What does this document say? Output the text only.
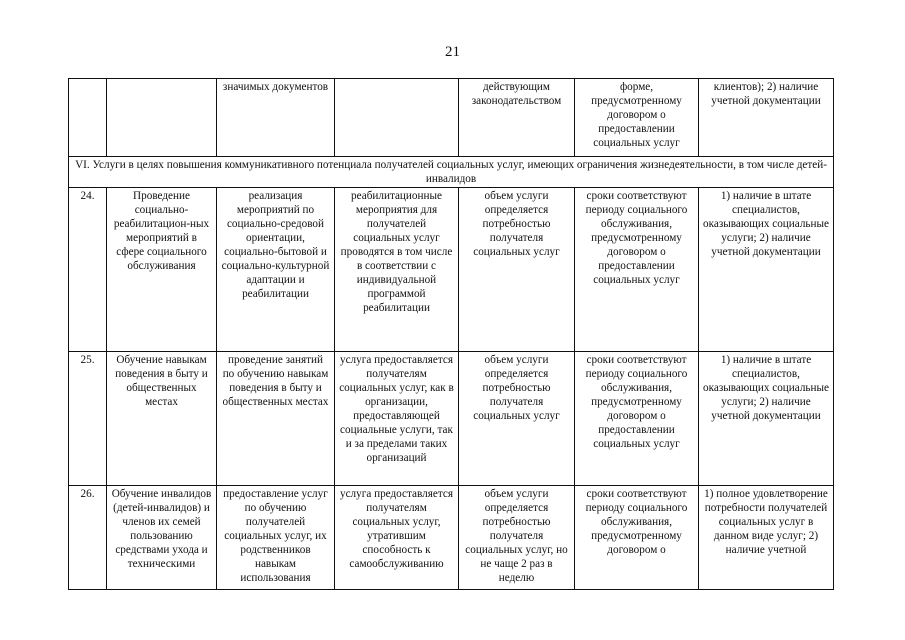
21
		значимых документов		действующим законодательством	форме, предусмотренному договором о предоставлении социальных услуг	клиентов); 2) наличие учетной документации
VI. Услуги в целях повышения коммуникативного потенциала получателей социальных услуг, имеющих ограничения жизнедеятельности, в том числе детей-инвалидов						
24.	Проведение социально-реабилитацион-ных мероприятий в сфере социального обслуживания	реализация мероприятий по социально-средовой ориентации, социально-бытовой и социально-культурной адаптации и реабилитации	реабилитационные мероприятия для получателей социальных услуг проводятся в том числе в соответствии с индивидуальной программой реабилитации	объем услуги определяется потребностью получателя социальных услуг	сроки соответствуют периоду социального обслуживания, предусмотренному договором о предоставлении социальных услуг	1) наличие в штате специалистов, оказывающих социальные услуги; 2) наличие учетной документации
25.	Обучение навыкам поведения в быту и общественных местах	проведение занятий по обучению навыкам поведения в быту и общественных местах	услуга предоставляется получателям социальных услуг, как в организации, предоставляющей социальные услуги, так и за пределами таких организаций	объем услуги определяется потребностью получателя социальных услуг	сроки соответствуют периоду социального обслуживания, предусмотренному договором о предоставлении социальных услуг	1) наличие в штате специалистов, оказывающих социальные услуги; 2) наличие учетной документации
26.	Обучение инвалидов (детей-инвалидов) и членов их семей пользованию средствами ухода и техническими	предоставление услуг по обучению получателей социальных услуг, их родственников навыкам использования	услуга предоставляется получателям социальных услуг, утратившим способность к самообслуживанию	объем услуги определяется потребностью получателя социальных услуг, но не чаще 2 раз в неделю	сроки соответствуют периоду социального обслуживания, предусмотренному договором о	1) полное удовлетворение потребности получателей социальных услуг в данном виде услуг; 2) наличие учетной
